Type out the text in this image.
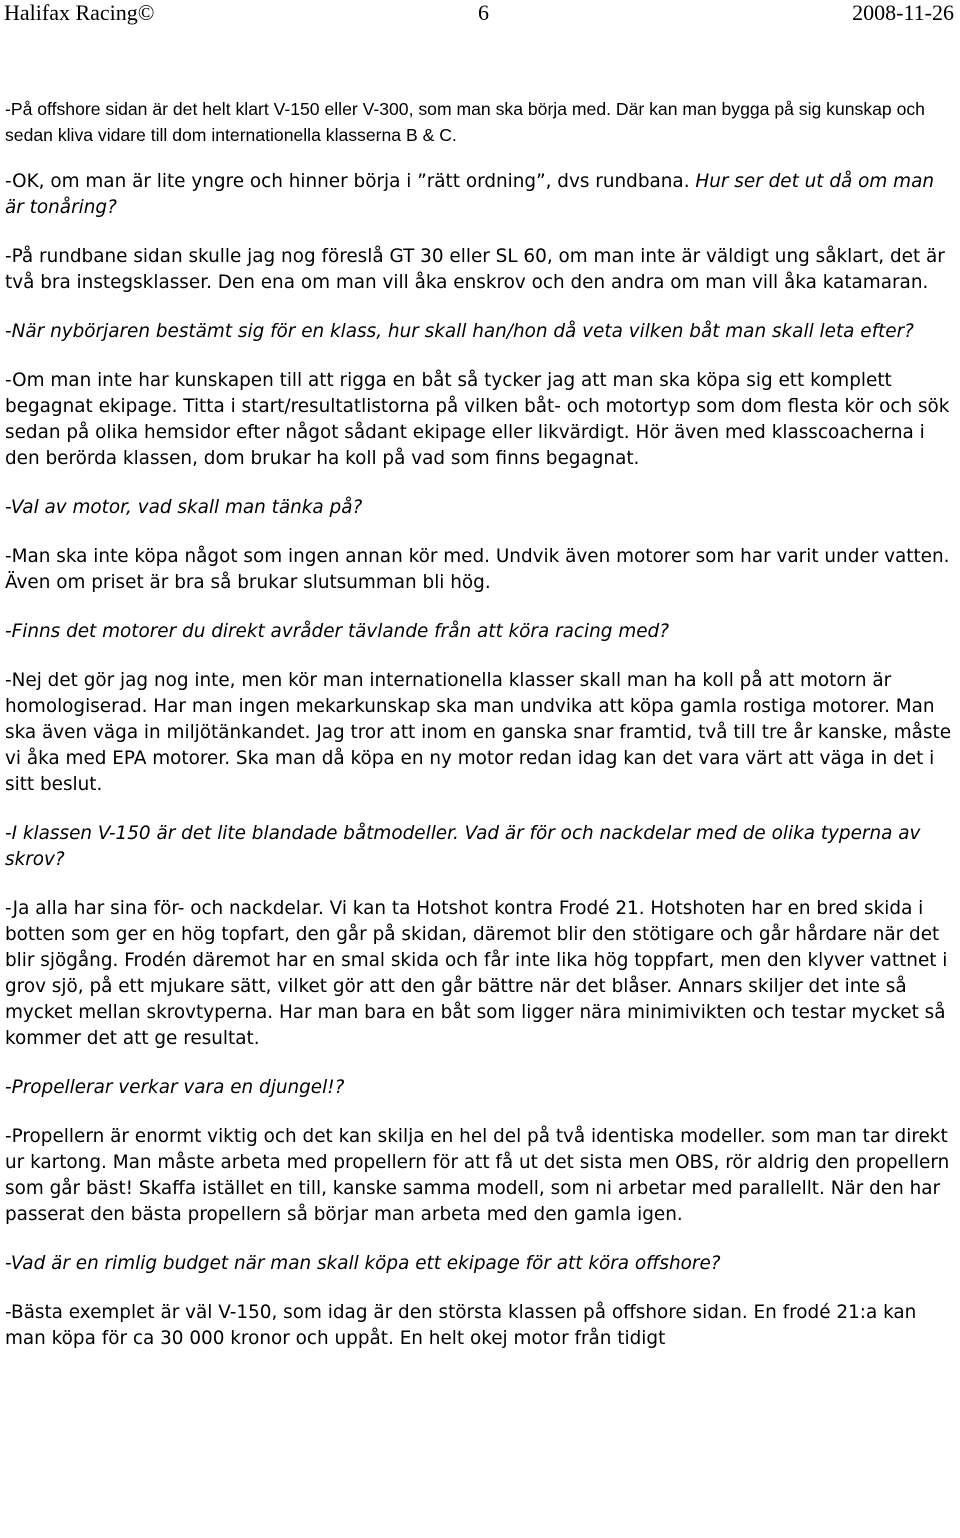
Halifax Racing©	6	2008-11-26

-På offshore sidan är det helt klart V-150 eller V-300, som man ska börja med. Där kan man bygga på sig kunskap och sedan kliva vidare till dom internationella klasserna B & C.

-OK, om man är lite yngre och hinner börja i ”rätt ordning”, dvs rundbana. Hur ser det ut då om man är tonåring?

-På rundbane sidan skulle jag nog föreslå GT 30 eller SL 60, om man inte är väldigt ung såklart, det är två bra instegsklasser. Den ena om man vill åka enskrov och den andra om man vill åka katamaran.

-När nybörjaren bestämt sig för en klass, hur skall han/hon då veta vilken båt man skall leta efter?

-Om man inte har kunskapen till att rigga en båt så tycker jag att man ska köpa sig ett komplett begagnat ekipage. Titta i start/resultatlistorna på vilken båt- och motortyp som dom flesta kör och sök sedan på olika hemsidor efter något sådant ekipage eller likvärdigt. Hör även med klasscoacherna i den berörda klassen, dom brukar ha koll på vad som finns begagnat.

-Val av motor, vad skall man tänka på?

-Man ska inte köpa något som ingen annan kör med. Undvik även motorer som har varit under vatten. Även om priset är bra så brukar slutsumman bli hög.

-Finns det motorer du direkt avråder tävlande från att köra racing med?

-Nej det gör jag nog inte, men kör man internationella klasser skall man ha koll på att motorn är homologiserad. Har man ingen mekarkunskap ska man undvika att köpa gamla rostiga motorer. Man ska även väga in miljötänkandet. Jag tror att inom en ganska snar framtid, två till tre år kanske, måste vi åka med EPA motorer. Ska man då köpa en ny motor redan idag kan det vara värt att väga in det i sitt beslut.

-I klassen V-150 är det lite blandade båtmodeller. Vad är för och nackdelar med de olika typerna av skrov?

-Ja alla har sina för- och nackdelar. Vi kan ta Hotshot kontra Frodé 21. Hotshoten har en bred skida i botten som ger en hög topfart, den går på skidan, däremot blir den stötigare och går hårdare när det blir sjögång. Frodén däremot har en smal skida och får inte lika hög toppfart, men den klyver vattnet i grov sjö, på ett mjukare sätt, vilket gör att den går bättre när det blåser. Annars skiljer det inte så mycket mellan skrovtyperna. Har man bara en båt som ligger nära minimivikten och testar mycket så kommer det att ge resultat.

-Propellerar verkar vara en djungel!?

-Propellern är enormt viktig och det kan skilja en hel del på två identiska modeller. som man tar direkt ur kartong. Man måste arbeta med propellern för att få ut det sista men OBS, rör aldrig den propellern som går bäst! Skaffa istället en till, kanske samma modell, som ni arbetar med parallellt. När den har passerat den bästa propellern så börjar man arbeta med den gamla igen.

-Vad är en rimlig budget när man skall köpa ett ekipage för att köra offshore?

-Bästa exemplet är väl V-150, som idag är den största klassen på offshore sidan. En frodé 21:a kan man köpa för ca 30 000 kronor och uppåt. En helt okej motor från tidigt
